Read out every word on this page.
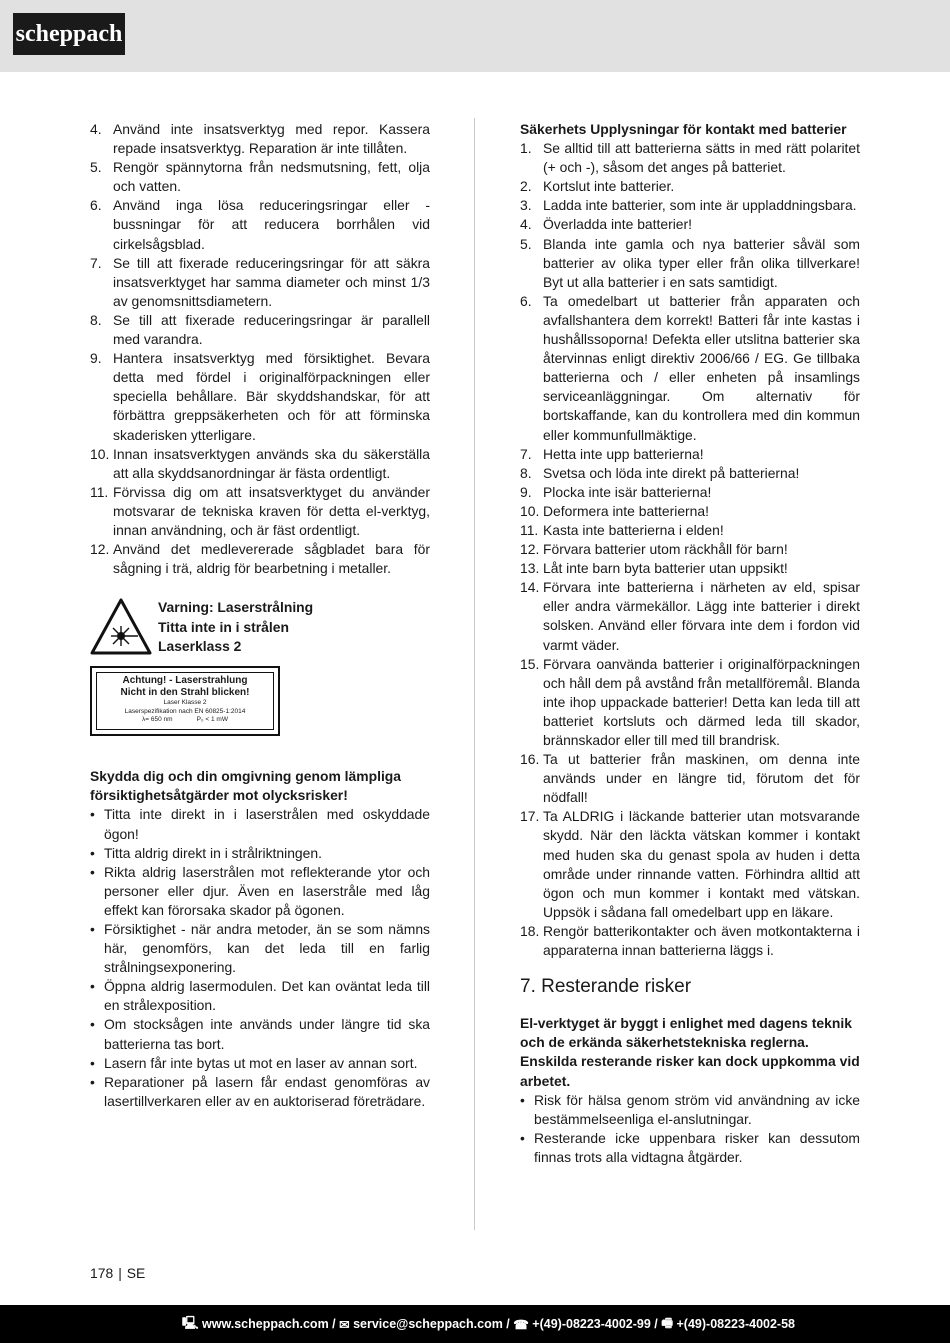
scheppach
4. Använd inte insatsverktyg med repor. Kassera repade insatsverktyg. Reparation är inte tillåten.
5. Rengör spännytorna från nedsmutsning, fett, olja och vatten.
6. Använd inga lösa reduceringsringar eller -bussningar för att reducera borrhålen vid cirkelsågsblad.
7. Se till att fixerade reduceringsringar för att säkra insatsverktyget har samma diameter och minst 1/3 av genomsnittsdiametern.
8. Se till att fixerade reduceringsringar är parallell med varandra.
9. Hantera insatsverktyg med försiktighet. Bevara detta med fördel i originalförpackningen eller speciella behållare. Bär skyddshandskar, för att förbättra greppsäkerheten och för att förminska skaderisken ytterligare.
10. Innan insatsverktygen används ska du säkerställa att alla skyddsanordningar är fästa ordentligt.
11. Förvissa dig om att insatsverktyget du använder motsvarar de tekniska kraven för detta el-verktyg, innan användning, och är fäst ordentligt.
12. Använd det medlevererade sågbladet bara för sågning i trä, aldrig för bearbetning i metaller.
Varning: Laserstrålning
Titta inte in i strålen
Laserklass 2
Achtung! - Laserstrahlung
Nicht in den Strahl blicken!
Laser Klasse 2
Laserspezifikation nach EN 60825-1:2014
λ= 650 nm	P₀ < 1 mW

Skydda dig och din omgivning genom lämpliga försiktighetsåtgärder mot olycksrisker!

• Titta inte direkt in i laserstrålen med oskyddade ögon!
• Titta aldrig direkt in i strålriktningen.
• Rikta aldrig laserstrålen mot reflekterande ytor och personer eller djur. Även en laserstråle med låg effekt kan förorsaka skador på ögonen.
• Försiktighet - när andra metoder, än se som nämns här, genomförs, kan det leda till en farlig strålningsexponering.
• Öppna aldrig lasermodulen. Det kan oväntat leda till en strålexposition.
• Om stocksågen inte används under längre tid ska batterierna tas bort.
• Lasern får inte bytas ut mot en laser av annan sort.
• Reparationer på lasern får endast genomföras av lasertillverkaren eller av en auktoriserad företrädare.

Säkerhets Upplysningar för kontakt med batterier

1. Se alltid till att batterierna sätts in med rätt polaritet (+ och -), såsom det anges på batteriet.
2. Kortslut inte batterier.
3. Ladda inte batterier, som inte är uppladdningsbara.
4. Överladda inte batterier!
5. Blanda inte gamla och nya batterier såväl som batterier av olika typer eller från olika tillverkare! Byt ut alla batterier i en sats samtidigt.
6. Ta omedelbart ut batterier från apparaten och avfallshantera dem korrekt! Batteri får inte kastas i hushållssoporna! Defekta eller utslitna batterier ska återvinnas enligt direktiv 2006/66 / EG. Ge tillbaka batterierna och / eller enheten på insamlings serviceanläggningar. Om alternativ för bortskaffande, kan du kontrollera med din kommun eller kommunfullmäktige.
7. Hetta inte upp batterierna!
8. Svetsa och löda inte direkt på batterierna!
9. Plocka inte isär batterierna!
10. Deformera inte batterierna!
11. Kasta inte batterierna i elden!
12. Förvara batterier utom räckhåll för barn!
13. Låt inte barn byta batterier utan uppsikt!
14. Förvara inte batterierna i närheten av eld, spisar eller andra värmekällor. Lägg inte batterier i direkt solsken. Använd eller förvara inte dem i fordon vid varmt väder.
15. Förvara oanvända batterier i originalförpackningen och håll dem på avstånd från metallföremål. Blanda inte ihop uppackade batterier! Detta kan leda till att batteriet kortsluts och därmed leda till skador, brännskador eller till med till brandrisk.
16. Ta ut batterier från maskinen, om denna inte används under en längre tid, förutom det för nödfall!
17. Ta ALDRIG i läckande batterier utan motsvarande skydd. När den läckta vätskan kommer i kontakt med huden ska du genast spola av huden i detta område under rinnande vatten. Förhindra alltid att ögon och mun kommer i kontakt med vätskan. Uppsök i sådana fall omedelbart upp en läkare.
18. Rengör batterikontakter och även motkontakterna i apparaterna innan batterierna läggs i.
7. Resterande risker

El-verktyget är byggt i enlighet med dagens teknik och de erkända säkerhetstekniska reglerna. Enskilda resterande risker kan dock uppkomma vid arbetet.

• Risk för hälsa genom ström vid användning av icke bestämmelseenliga el-anslutningar.
• Resterande icke uppenbara risker kan dessutom finnas trots alla vidtagna åtgärder.
178 | SE
🖳 www.scheppach.com / ✉ service@scheppach.com / ☎ +(49)-08223-4002-99 / 🖷 +(49)-08223-4002-58
